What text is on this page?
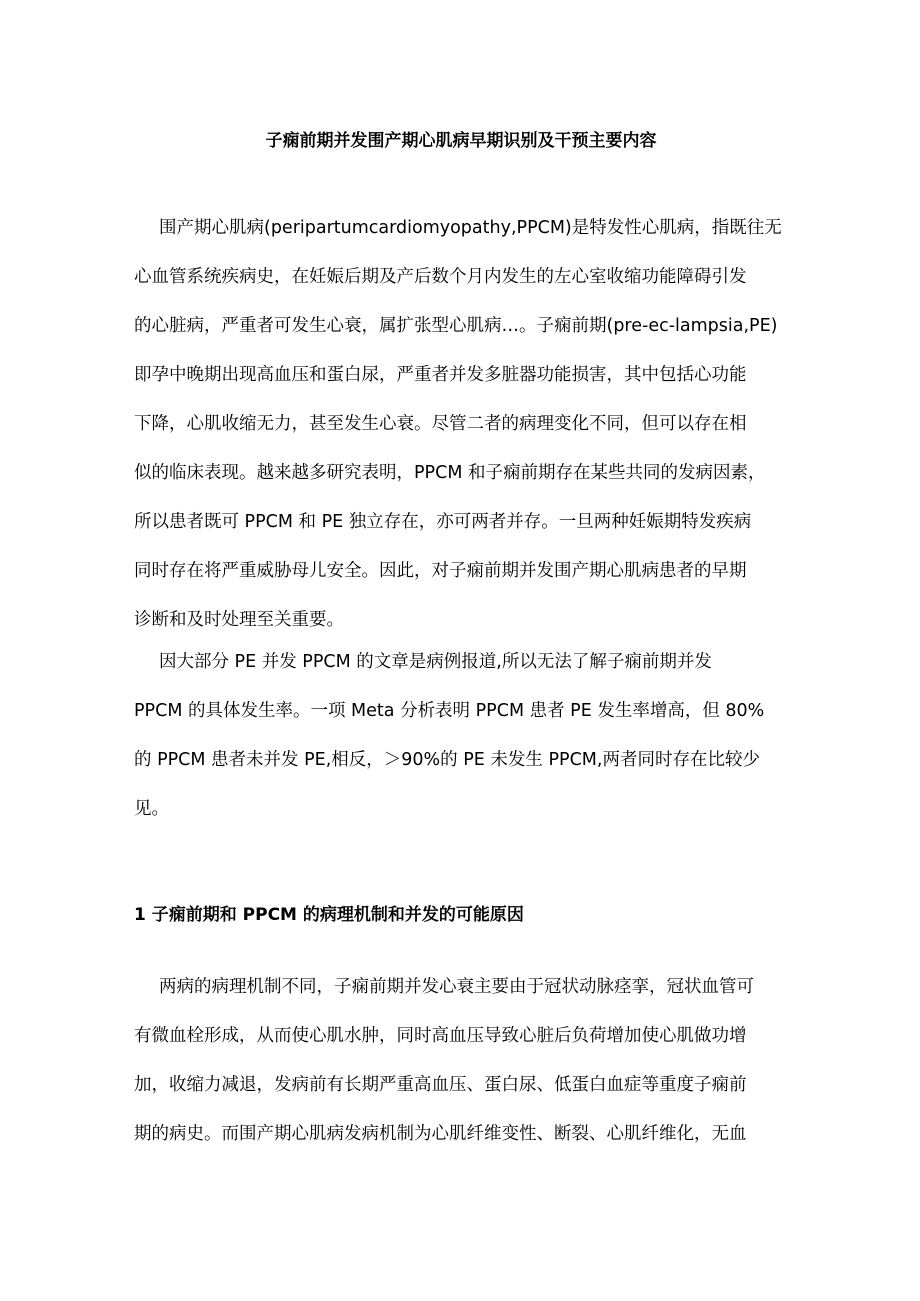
子痫前期并发围产期心肌病早期识别及干预主要内容
围产期心肌病(peripartumcardiomyopathy,PPCM)是特发性心肌病，指既往无
心血管系统疾病史，在妊娠后期及产后数个月内发生的左心室收缩功能障碍引发
的心脏病，严重者可发生心衰，属扩张型心肌病…。子痫前期(pre-ec-lampsia,PE)
即孕中晚期出现高血压和蛋白尿，严重者并发多脏器功能损害，其中包括心功能
下降，心肌收缩无力，甚至发生心衰。尽管二者的病理变化不同，但可以存在相
似的临床表现。越来越多研究表明，PPCM 和子痫前期存在某些共同的发病因素，
所以患者既可 PPCM 和 PE 独立存在，亦可两者并存。一旦两种妊娠期特发疾病
同时存在将严重威胁母儿安全。因此，对子痫前期并发围产期心肌病患者的早期
诊断和及时处理至关重要。
因大部分 PE 并发 PPCM 的文章是病例报道,所以无法了解子痫前期并发
PPCM 的具体发生率。一项 Meta 分析表明 PPCM 患者 PE 发生率增高，但 80%
的 PPCM 患者未并发 PE,相反，＞90%的 PE 未发生 PPCM,两者同时存在比较少
见。
1 子痫前期和 PPCM 的病理机制和并发的可能原因
两病的病理机制不同，子痫前期并发心衰主要由于冠状动脉痉挛，冠状血管可
有微血栓形成，从而使心肌水肿，同时高血压导致心脏后负荷增加使心肌做功增
加，收缩力减退，发病前有长期严重高血压、蛋白尿、低蛋白血症等重度子痫前
期的病史。而围产期心肌病发病机制为心肌纤维变性、断裂、心肌纤维化，无血
